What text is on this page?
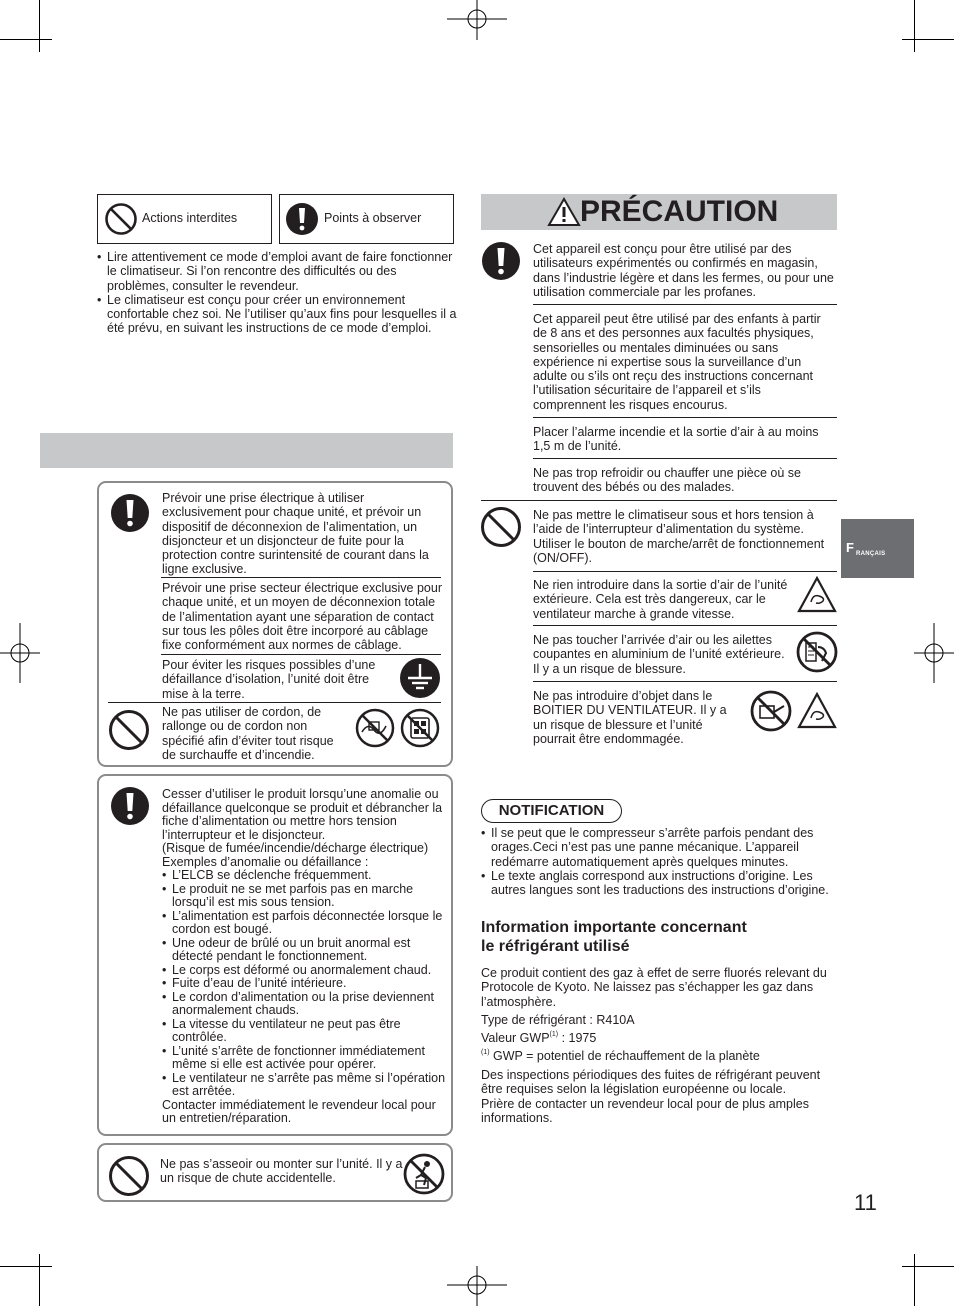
Actions interdites	Points à observer
• Lire attentivement ce mode d’emploi avant de faire fonctionner le climatiseur. Si l’on rencontre des difficultés ou des problèmes, consulter le revendeur.
• Le climatiseur est conçu pour créer un environnement confortable chez soi. Ne l’utiliser qu’aux fins pour lesquelles il a été prévu, en suivant les instructions de ce mode d’emploi.
Prévoir une prise électrique à utiliser exclusivement pour chaque unité, et prévoir un dispositif de déconnexion de l’alimentation, un disjoncteur et un disjoncteur de fuite pour la protection contre surintensité de courant dans la ligne exclusive.
Prévoir une prise secteur électrique exclusive pour chaque unité, et un moyen de déconnexion totale de l’alimentation ayant une séparation de contact sur tous les pôles doit être incorporé au câblage fixe conformément aux normes de câblage.
Pour éviter les risques possibles d’une défaillance d’isolation, l’unité doit être mise à la terre.
Ne pas utiliser de cordon, de rallonge ou de cordon non spécifié afin d’éviter tout risque de surchauffe et d’incendie.
Cesser d’utiliser le produit lorsqu’une anomalie ou défaillance quelconque se produit et débrancher la fiche d’alimentation ou mettre hors tension l’interrupteur et le disjoncteur.
(Risque de fumée/incendie/décharge électrique)
Exemples d’anomalie ou défaillance :
• L’ELCB se déclenche fréquemment.
• Le produit ne se met parfois pas en marche lorsqu’il est mis sous tension.
• L’alimentation est parfois déconnectée lorsque le cordon est bougé.
• Une odeur de brûlé ou un bruit anormal est détecté pendant le fonctionnement.
• Le corps est déformé ou anormalement chaud.
• Fuite d’eau de l’unité intérieure.
• Le cordon d’alimentation ou la prise deviennent anormalement chauds.
• La vitesse du ventilateur ne peut pas être contrôlée.
• L’unité s’arrête de fonctionner immédiatement même si elle est activée pour opérer.
• Le ventilateur ne s’arrête pas même si l’opération est arrêtée.
Contacter immédiatement le revendeur local pour un entretien/réparation.
Ne pas s’asseoir ou monter sur l’unité. Il y a un risque de chute accidentelle.
PRÉCAUTION
Cet appareil est conçu pour être utilisé par des utilisateurs expérimentés ou confirmés en magasin, dans l’industrie légère et dans les fermes, ou pour une utilisation commerciale par les profanes.
Cet appareil peut être utilisé par des enfants à partir de 8 ans et des personnes aux facultés physiques, sensorielles ou mentales diminuées ou sans expérience ni expertise sous la surveillance d’un adulte ou s’ils ont reçu des instructions concernant l’utilisation sécuritaire de l’appareil et s’ils comprennent les risques encourus.
Placer l’alarme incendie et la sortie d’air à au moins 1,5 m de l’unité.
Ne pas trop refroidir ou chauffer une pièce où se trouvent des bébés ou des malades.
Ne pas mettre le climatiseur sous et hors tension à l’aide de l’interrupteur d’alimentation du système. Utiliser le bouton de marche/arrêt de fonctionnement (ON/OFF).
Ne rien introduire dans la sortie d’air de l’unité extérieure. Cela est très dangereux, car le ventilateur marche à grande vitesse.
Ne pas toucher l’arrivée d’air ou les ailettes coupantes en aluminium de l’unité extérieure. Il y a un risque de blessure.
Ne pas introduire d’objet dans le BOITIER DU VENTILATEUR. Il y a un risque de blessure et l’unité pourrait être endommagée.
NOTIFICATION
• Il se peut que le compresseur s’arrête parfois pendant des orages.Ceci n’est pas une panne mécanique. L’appareil redémarre automatiquement après quelques minutes.
• Le texte anglais correspond aux instructions d’origine. Les autres langues sont les traductions des instructions d’origine.
Information importante concernant
le réfrigérant utilisé
Ce produit contient des gaz à effet de serre fluorés relevant du Protocole de Kyoto. Ne laissez pas s’échapper les gaz dans l’atmosphère.
Type de réfrigérant : R410A
Valeur GWP$^{(1)}$ : 1975
$^{(1)}$ GWP = potentiel de réchauffement de la planète
Des inspections périodiques des fuites de réfrigérant peuvent être requises selon la législation européenne ou locale.
Prière de contacter un revendeur local pour de plus amples informations.
F RANÇAIS
11
